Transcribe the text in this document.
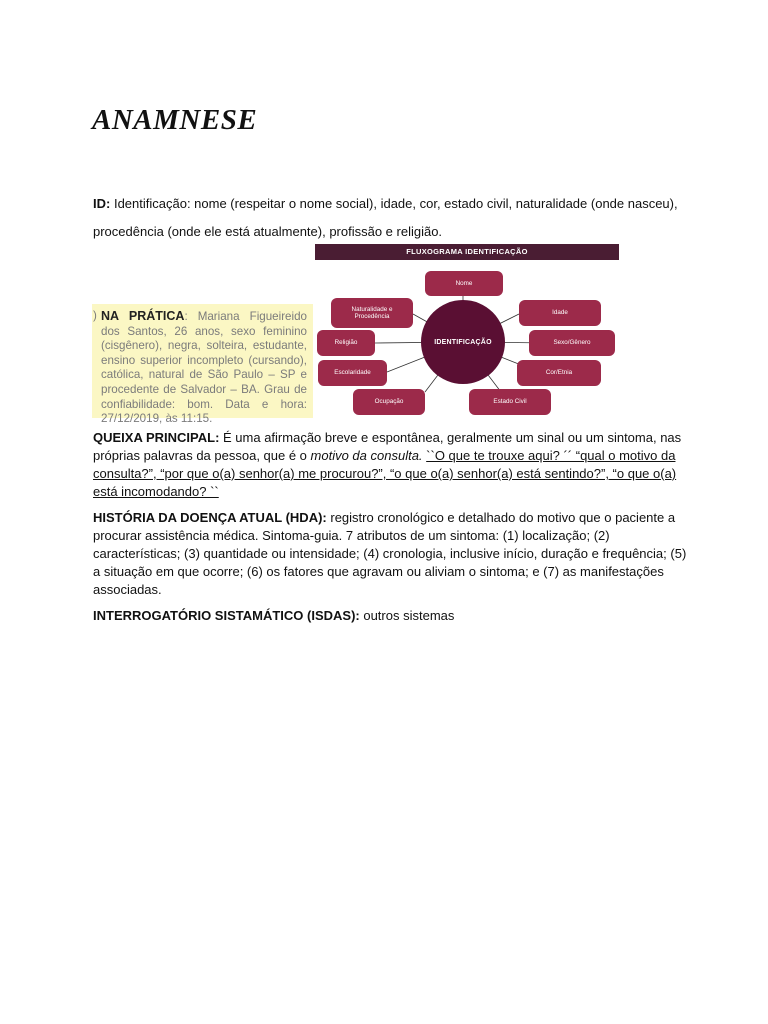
ANAMNESE

ID: Identificação: nome (respeitar o nome social), idade, cor, estado civil, naturalidade (onde nasceu), procedência (onde ele está atualmente), profissão e religião.

) NA PRÁTICA: Mariana Figueireido dos Santos, 26 anos, sexo feminino (cisgênero), negra, solteira, estudante, ensino superior incompleto (cursando), católica, natural de São Paulo – SP e procedente de Salvador – BA. Grau de confiabilidade: bom. Data e hora: 27/12/2019, às 11:15.
FLUXOGRAMA IDENTIFICAÇÃO
Nome
Naturalidade e Procedência
Idade
Religião	Sexo/Gênero
Escolaridade	Cor/Etnia
Ocupação	Estado Civil
IDENTIFICAÇÃO

QUEIXA PRINCIPAL: É uma afirmação breve e espontânea, geralmente um sinal ou um sintoma, nas próprias palavras da pessoa, que é o motivo da consulta. ``O que te trouxe aqui? ´´ “qual o motivo da consulta?”, “por que o(a) senhor(a) me procurou?”, “o que o(a) senhor(a) está sentindo?”, “o que o(a) está incomodando? ``

HISTÓRIA DA DOENÇA ATUAL (HDA): registro cronológico e detalhado do motivo que o paciente a procurar assistência médica. Sintoma-guia. 7 atributos de um sintoma: (1) localização; (2) características; (3) quantidade ou intensidade; (4) cronologia, inclusive início, duração e frequência; (5) a situação em que ocorre; (6) os fatores que agravam ou aliviam o sintoma; e (7) as manifestações associadas.

INTERROGATÓRIO SISTAMÁTICO (ISDAS): outros sistemas
